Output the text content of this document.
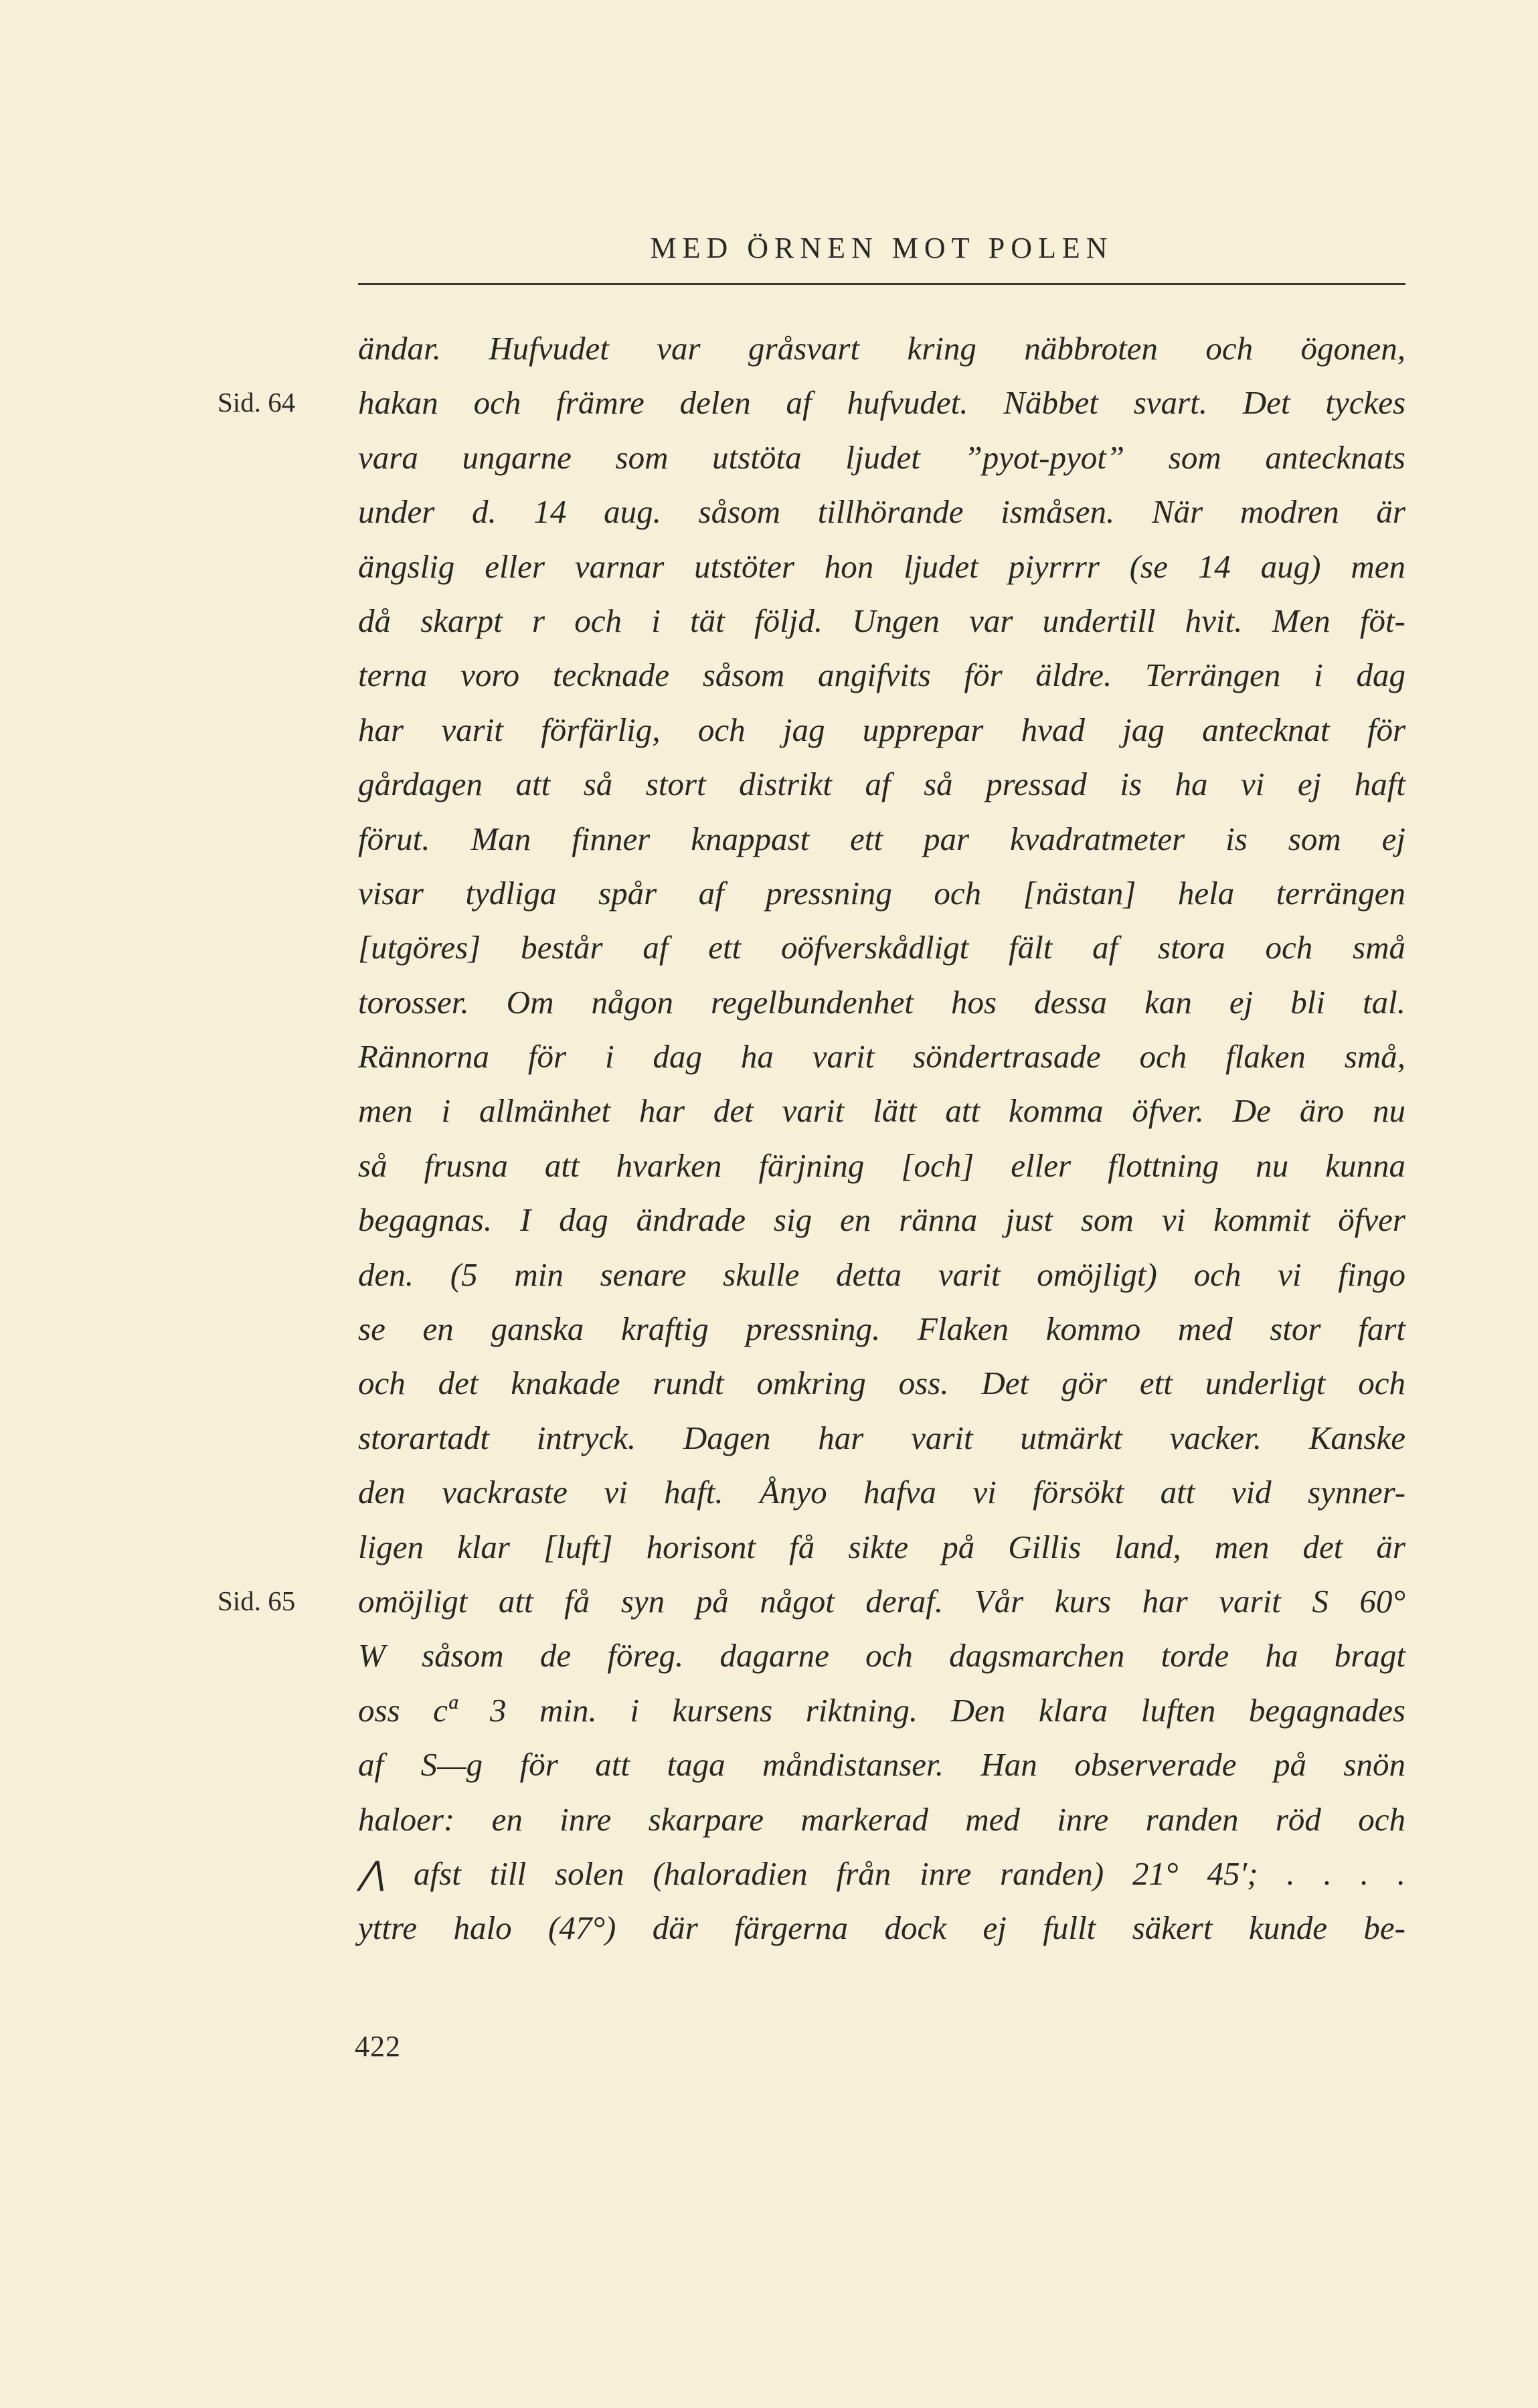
MED ÖRNEN MOT POLEN
ändar. Hufvudet var gråsvart kring näbbroten och ögonen,
Sid. 64 hakan och främre delen af hufvudet. Näbbet svart. Det tyckes
vara ungarne som utstöta ljudet ”pyot-pyot” som antecknats
under d. 14 aug. såsom tillhörande ismåsen. När modren är
ängslig eller varnar utstöter hon ljudet piyrrrr (se 14 aug) men
då skarpt r och i tät följd. Ungen var undertill hvit. Men föt-
terna voro tecknade såsom angifvits för äldre. Terrängen i dag
har varit förfärlig, och jag upprepar hvad jag antecknat för
gårdagen att så stort distrikt af så pressad is ha vi ej haft
förut. Man finner knappast ett par kvadratmeter is som ej
visar tydliga spår af pressning och [nästan] hela terrängen
[utgöres] består af ett oöfverskådligt fält af stora och små
torosser. Om någon regelbundenhet hos dessa kan ej bli tal.
Rännorna för i dag ha varit söndertrasade och flaken små,
men i allmänhet har det varit lätt att komma öfver. De äro nu
så frusna att hvarken färjning [och] eller flottning nu kunna
begagnas. I dag ändrade sig en ränna just som vi kommit öfver
den. (5 min senare skulle detta varit omöjligt) och vi fingo
se en ganska kraftig pressning. Flaken kommo med stor fart
och det knakade rundt omkring oss. Det gör ett underligt och
storartadt intryck. Dagen har varit utmärkt vacker. Kanske
den vackraste vi haft. Ånyo hafva vi försökt att vid synner-
ligen klar [luft] horisont få sikte på Gillis land, men det är
Sid. 65 omöjligt att få syn på något deraf. Vår kurs har varit S 60°
W såsom de föreg. dagarne och dagsmarchen torde ha bragt
oss cª 3 min. i kursens riktning. Den klara luften begagnades
af S—g för att taga måndistanser. Han observerade på snön
haloer: en inre skarpare markerad med inre randen röd och
⋀ afst till solen (haloradien från inre randen) 21° 45′; . . . .
yttre halo (47°) där färgerna dock ej fullt säkert kunde be-
422
